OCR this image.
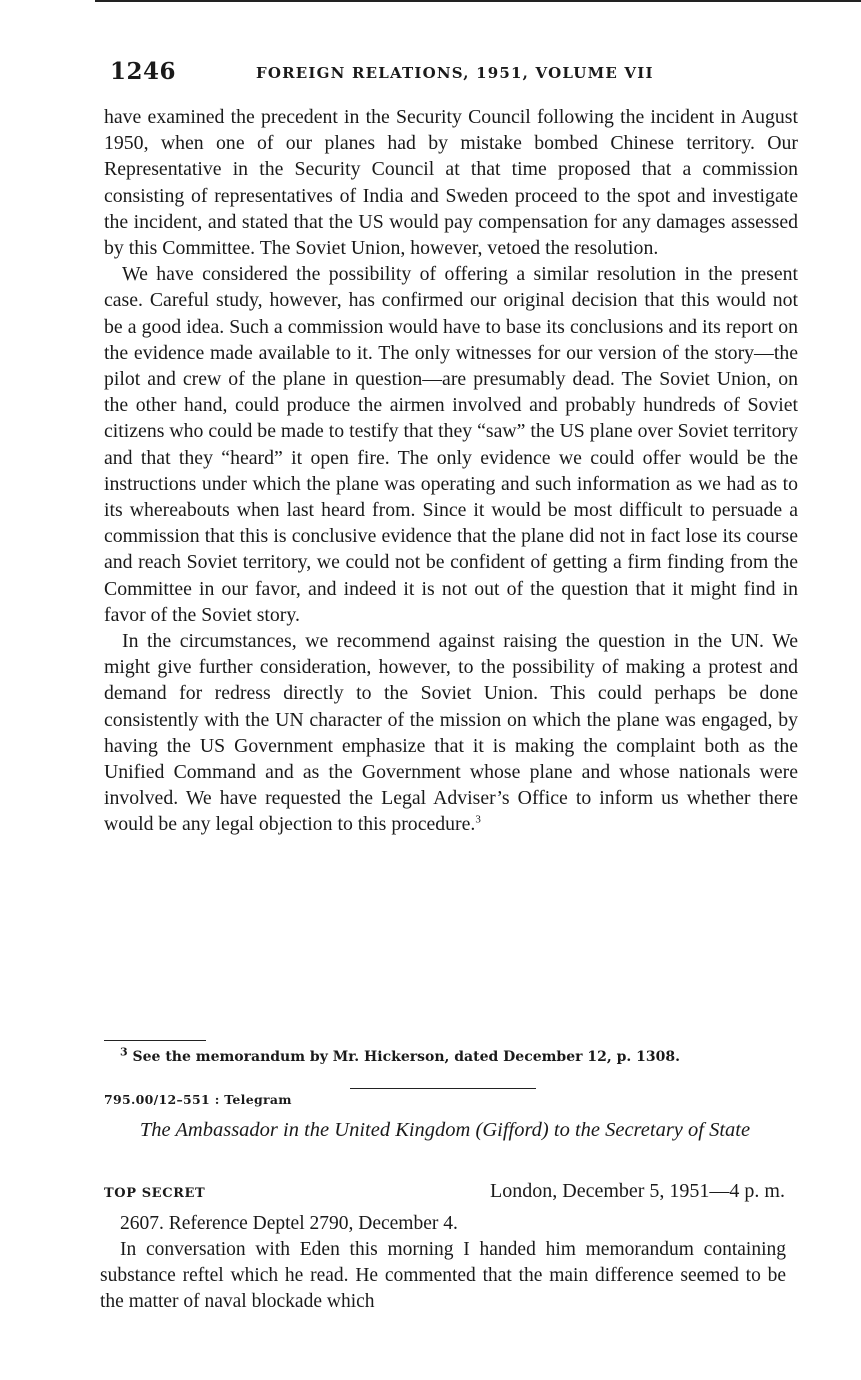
1246	FOREIGN RELATIONS, 1951, VOLUME VII

have examined the precedent in the Security Council following the incident in August 1950, when one of our planes had by mistake bombed Chinese territory. Our Representative in the Security Council at that time proposed that a commission consisting of representatives of India and Sweden proceed to the spot and investigate the incident, and stated that the US would pay compensation for any damages assessed by this Committee. The Soviet Union, however, vetoed the resolution.

We have considered the possibility of offering a similar resolution in the present case. Careful study, however, has confirmed our original decision that this would not be a good idea. Such a commission would have to base its conclusions and its report on the evidence made available to it. The only witnesses for our version of the story—the pilot and crew of the plane in question—are presumably dead. The Soviet Union, on the other hand, could produce the airmen involved and probably hundreds of Soviet citizens who could be made to testify that they “saw” the US plane over Soviet territory and that they “heard” it open fire. The only evidence we could offer would be the instructions under which the plane was operating and such information as we had as to its whereabouts when last heard from. Since it would be most difficult to persuade a commission that this is conclusive evidence that the plane did not in fact lose its course and reach Soviet territory, we could not be confident of getting a firm finding from the Committee in our favor, and indeed it is not out of the question that it might find in favor of the Soviet story.

In the circumstances, we recommend against raising the question in the UN. We might give further consideration, however, to the possibility of making a protest and demand for redress directly to the Soviet Union. This could perhaps be done consistently with the UN character of the mission on which the plane was engaged, by having the US Government emphasize that it is making the complaint both as the Unified Command and as the Government whose plane and whose nationals were involved. We have requested the Legal Adviser’s Office to inform us whether there would be any legal objection to this procedure.$^3$

$^3$ See the memorandum by Mr. Hickerson, dated December 12, p. 1308.
795.00/12–551 : Telegram
The Ambassador in the United Kingdom (Gifford) to the Secretary of State
TOP SECRET	London, December 5, 1951—4 p. m.

2607. Reference Deptel 2790, December 4.

In conversation with Eden this morning I handed him memorandum containing substance reftel which he read. He commented that the main difference seemed to be the matter of naval blockade which
